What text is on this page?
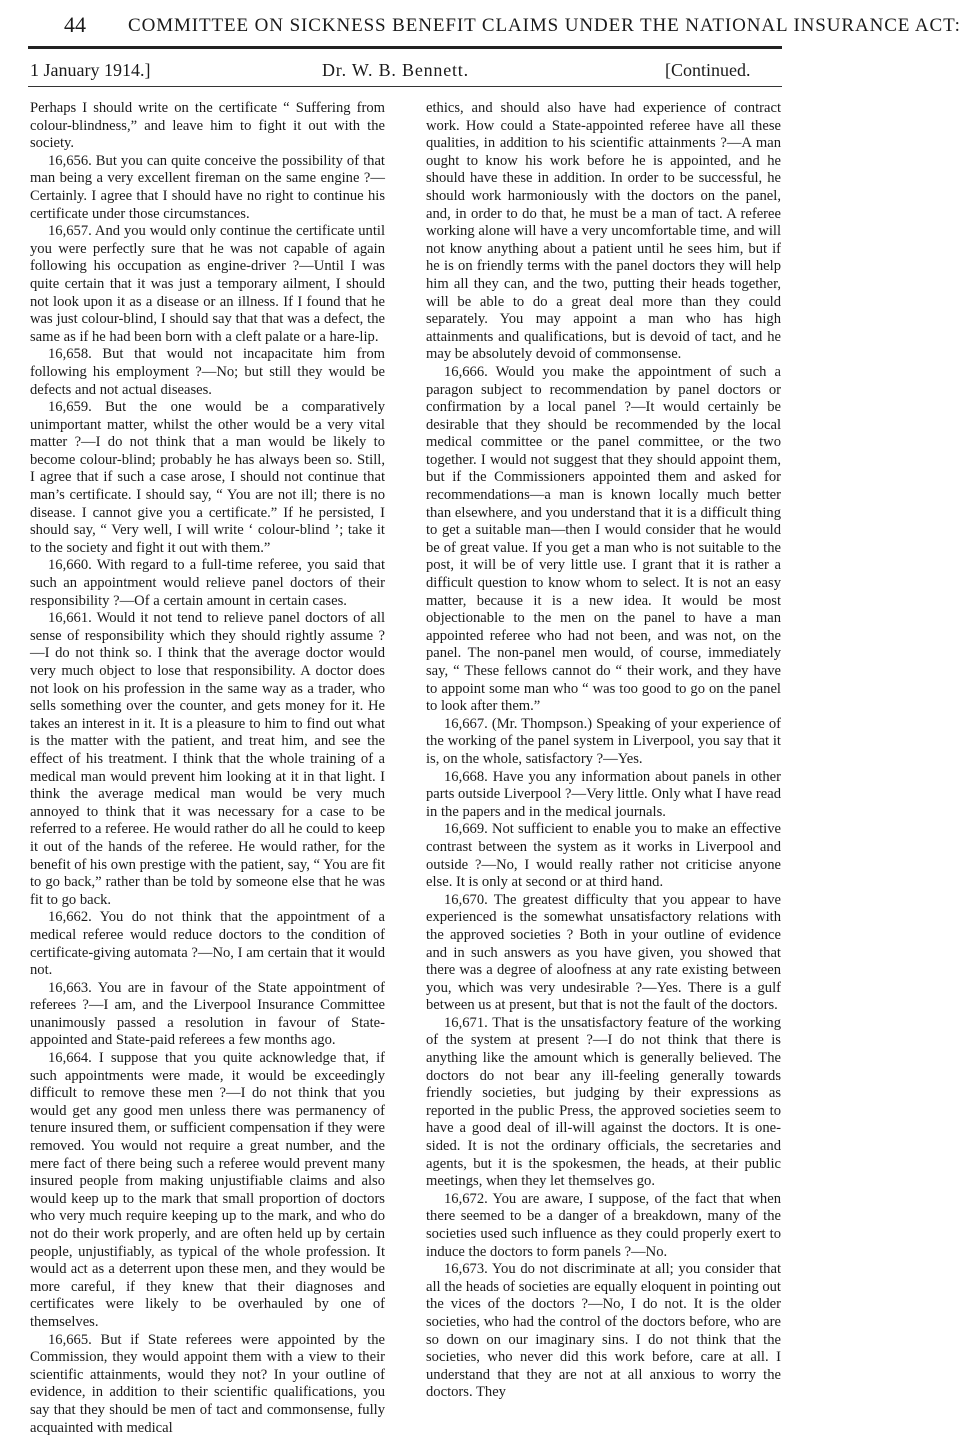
44 COMMITTEE ON SICKNESS BENEFIT CLAIMS UNDER THE NATIONAL INSURANCE ACT:
1 January 1914.]	Dr. W. B. Bennett.	[Continued.

Perhaps I should write on the certificate “ Suffering from colour-blindness,” and leave him to fight it out with the society.

16,656. But you can quite conceive the possibility of that man being a very excellent fireman on the same engine ?—Certainly. I agree that I should have no right to continue his certificate under those circumstances.

16,657. And you would only continue the certificate until you were perfectly sure that he was not capable of again following his occupation as engine-driver ?—Until I was quite certain that it was just a temporary ailment, I should not look upon it as a disease or an illness. If I found that he was just colour-blind, I should say that that was a defect, the same as if he had been born with a cleft palate or a hare-lip.

16,658. But that would not incapacitate him from following his employment ?—No; but still they would be defects and not actual diseases.

16,659. But the one would be a comparatively unimportant matter, whilst the other would be a very vital matter ?—I do not think that a man would be likely to become colour-blind; probably he has always been so. Still, I agree that if such a case arose, I should not continue that man’s certificate. I should say, “ You are not ill; there is no disease. I cannot give you a certificate.” If he persisted, I should say, “ Very well, I will write ‘ colour-blind ’; take it to the society and fight it out with them.”

16,660. With regard to a full-time referee, you said that such an appointment would relieve panel doctors of their responsibility ?—Of a certain amount in certain cases.

16,661. Would it not tend to relieve panel doctors of all sense of responsibility which they should rightly assume ?—I do not think so. I think that the average doctor would very much object to lose that responsibility. A doctor does not look on his profession in the same way as a trader, who sells something over the counter, and gets money for it. He takes an interest in it. It is a pleasure to him to find out what is the matter with the patient, and treat him, and see the effect of his treatment. I think that the whole training of a medical man would prevent him looking at it in that light. I think the average medical man would be very much annoyed to think that it was necessary for a case to be referred to a referee. He would rather do all he could to keep it out of the hands of the referee. He would rather, for the benefit of his own prestige with the patient, say, “ You are fit to go back,” rather than be told by someone else that he was fit to go back.

16,662. You do not think that the appointment of a medical referee would reduce doctors to the condition of certificate-giving automata ?—No, I am certain that it would not.

16,663. You are in favour of the State appointment of referees ?—I am, and the Liverpool Insurance Committee unanimously passed a resolution in favour of State-appointed and State-paid referees a few months ago.

16,664. I suppose that you quite acknowledge that, if such appointments were made, it would be exceedingly difficult to remove these men ?—I do not think that you would get any good men unless there was permanency of tenure insured them, or sufficient compensation if they were removed. You would not require a great number, and the mere fact of there being such a referee would prevent many insured people from making unjustifiable claims and also would keep up to the mark that small proportion of doctors who very much require keeping up to the mark, and who do not do their work properly, and are often held up by certain people, unjustifiably, as typical of the whole profession. It would act as a deterrent upon these men, and they would be more careful, if they knew that their diagnoses and certificates were likely to be overhauled by one of themselves.

16,665. But if State referees were appointed by the Commission, they would appoint them with a view to their scientific attainments, would they not? In your outline of evidence, in addition to their scientific qualifications, you say that they should be men of tact and commonsense, fully acquainted with medical

ethics, and should also have had experience of contract work. How could a State-appointed referee have all these qualities, in addition to his scientific attainments ?—A man ought to know his work before he is appointed, and he should have these in addition. In order to be successful, he should work harmoniously with the doctors on the panel, and, in order to do that, he must be a man of tact. A referee working alone will have a very uncomfortable time, and will not know anything about a patient until he sees him, but if he is on friendly terms with the panel doctors they will help him all they can, and the two, putting their heads together, will be able to do a great deal more than they could separately. You may appoint a man who has high attainments and qualifications, but is devoid of tact, and he may be absolutely devoid of commonsense.

16,666. Would you make the appointment of such a paragon subject to recommendation by panel doctors or confirmation by a local panel ?—It would certainly be desirable that they should be recommended by the local medical committee or the panel committee, or the two together. I would not suggest that they should appoint them, but if the Commissioners appointed them and asked for recommendations—a man is known locally much better than elsewhere, and you understand that it is a difficult thing to get a suitable man—then I would consider that he would be of great value. If you get a man who is not suitable to the post, it will be of very little use. I grant that it is rather a difficult question to know whom to select. It is not an easy matter, because it is a new idea. It would be most objectionable to the men on the panel to have a man appointed referee who had not been, and was not, on the panel. The non-panel men would, of course, immediately say, “ These fellows cannot do “ their work, and they have to appoint some man who “ was too good to go on the panel to look after them.”

16,667. (Mr. Thompson.) Speaking of your experience of the working of the panel system in Liverpool, you say that it is, on the whole, satisfactory ?—Yes.

16,668. Have you any information about panels in other parts outside Liverpool ?—Very little. Only what I have read in the papers and in the medical journals.

16,669. Not sufficient to enable you to make an effective contrast between the system as it works in Liverpool and outside ?—No, I would really rather not criticise anyone else. It is only at second or at third hand.

16,670. The greatest difficulty that you appear to have experienced is the somewhat unsatisfactory relations with the approved societies ? Both in your outline of evidence and in such answers as you have given, you showed that there was a degree of aloofness at any rate existing between you, which was very undesirable ?—Yes. There is a gulf between us at present, but that is not the fault of the doctors.

16,671. That is the unsatisfactory feature of the working of the system at present ?—I do not think that there is anything like the amount which is generally believed. The doctors do not bear any ill-feeling generally towards friendly societies, but judging by their expressions as reported in the public Press, the approved societies seem to have a good deal of ill-will against the doctors. It is one-sided. It is not the ordinary officials, the secretaries and agents, but it is the spokesmen, the heads, at their public meetings, when they let themselves go.

16,672. You are aware, I suppose, of the fact that when there seemed to be a danger of a breakdown, many of the societies used such influence as they could properly exert to induce the doctors to form panels ?—No.

16,673. You do not discriminate at all; you consider that all the heads of societies are equally eloquent in pointing out the vices of the doctors ?—No, I do not. It is the older societies, who had the control of the doctors before, who are so down on our imaginary sins. I do not think that the societies, who never did this work before, care at all. I understand that they are not at all anxious to worry the doctors. They
